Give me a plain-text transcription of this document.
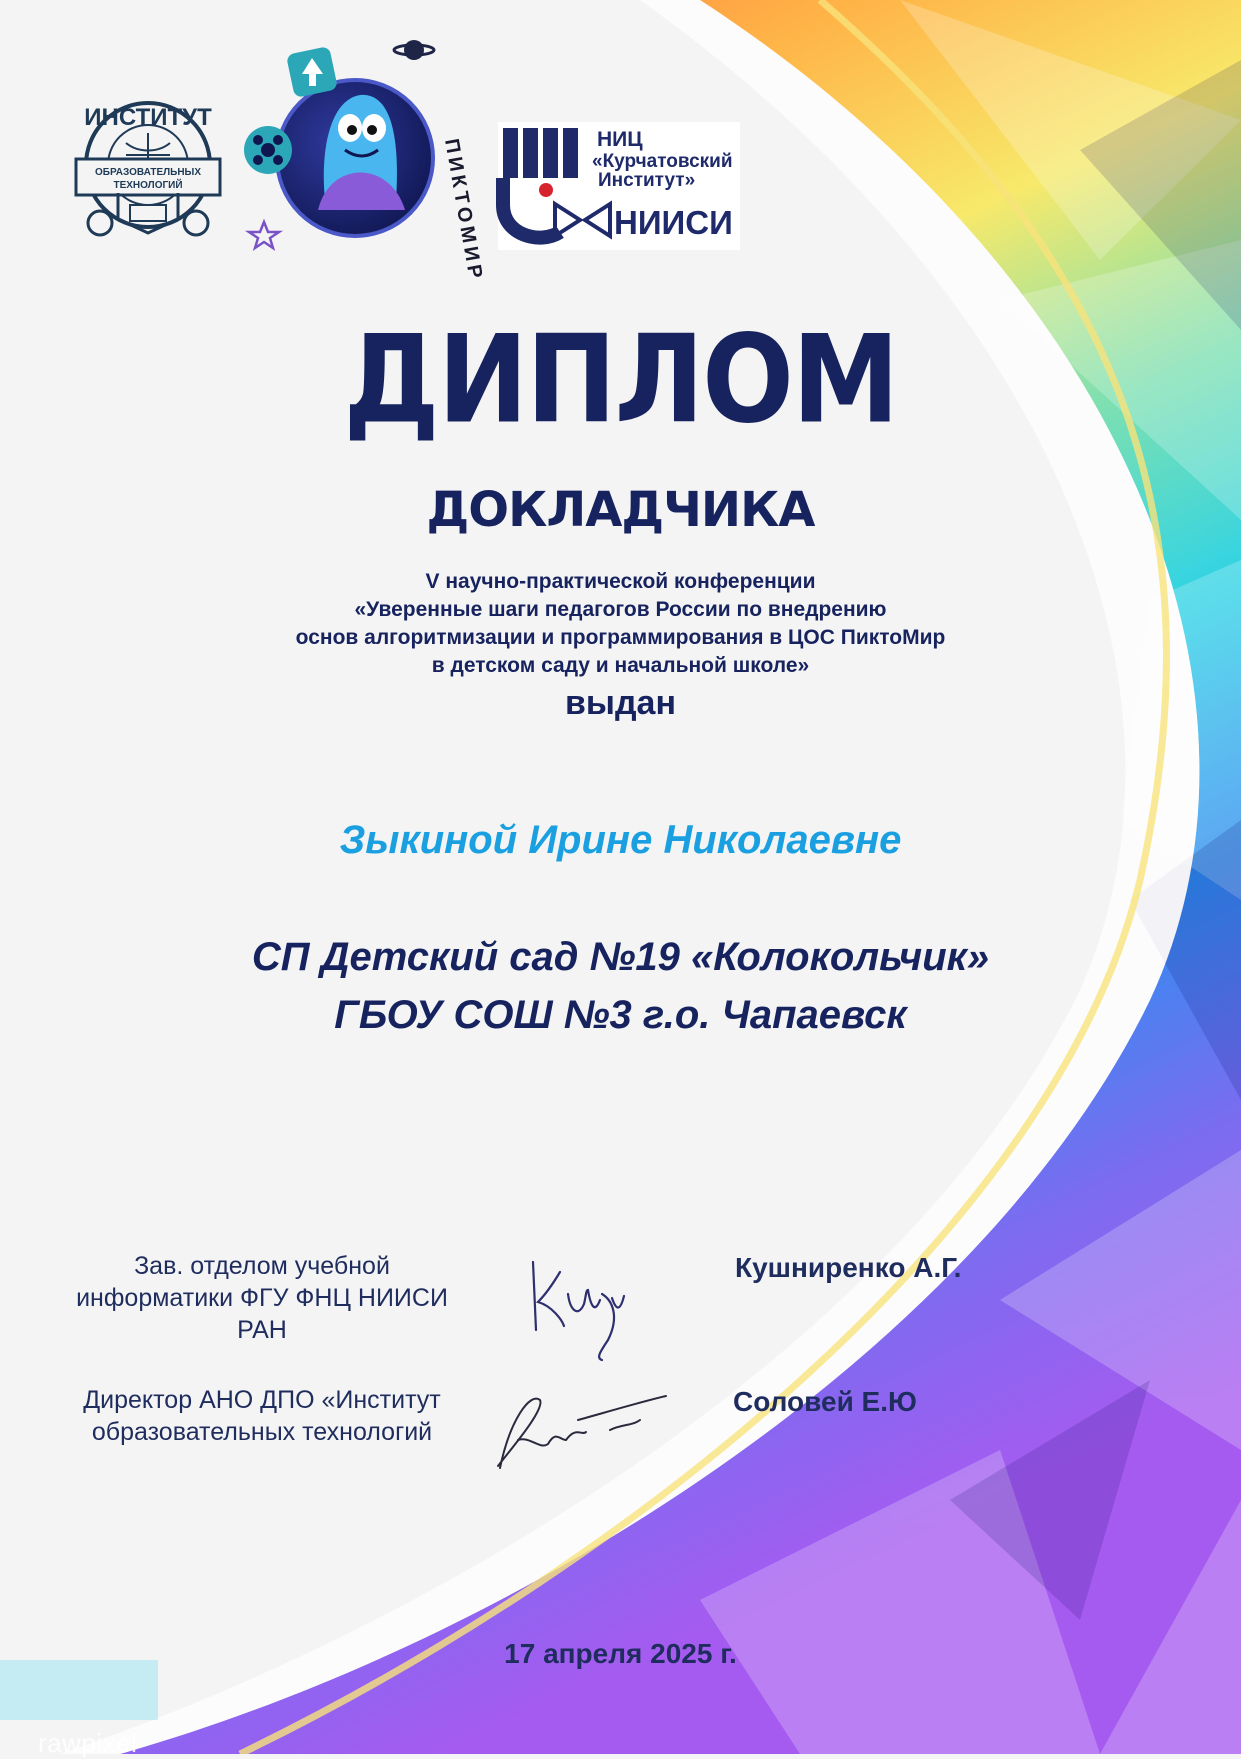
ИНСТИТУТ
ОБРАЗОВАТЕЛЬНЫХ
ТЕХНОЛОГИЙ	ПИКТОМИР	НИЦ
«Курчатовский
Институт»
НИИСИ
ДИПЛОМ
ДОКЛАДЧИКА
V научно-практической конференции
«Уверенные шаги педагогов России по внедрению
основ алгоритмизации и программирования в ЦОС ПиктоМир
в детском саду и начальной школе»
выдан
Зыкиной Ирине Николаевне
СП Детский сад №19 «Колокольчик»
ГБОУ СОШ №3 г.о. Чапаевск
Зав. отделом учебной
информатики ФГУ ФНЦ НИИСИ
РАН
Кушниренко А.Г.
Директор АНО ДПО «Институт
образовательных технологий
Соловей Е.Ю
17 апреля 2025 г.
rawpixel
